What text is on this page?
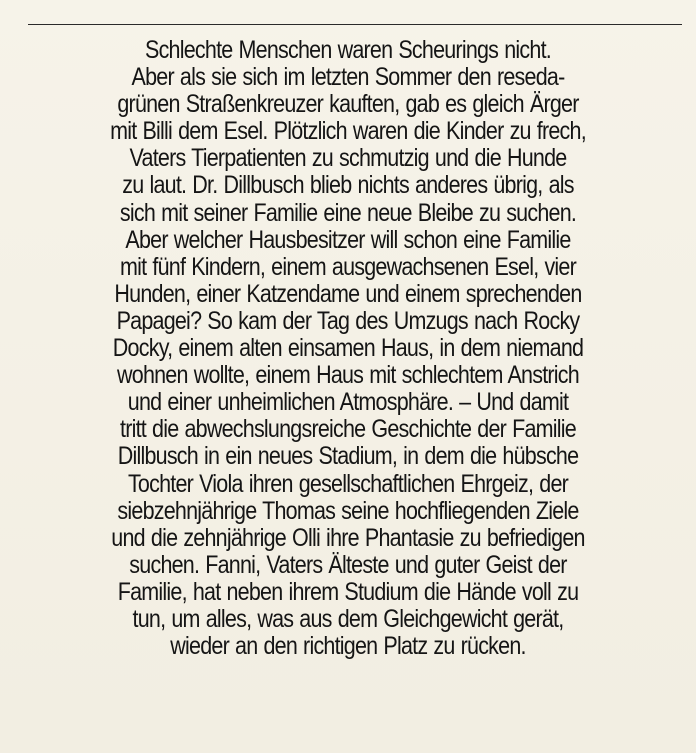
Schlechte Menschen waren Scheurings nicht.
Aber als sie sich im letzten Sommer den reseda-
grünen Straßenkreuzer kauften, gab es gleich Ärger
mit Billi dem Esel. Plötzlich waren die Kinder zu frech,
Vaters Tierpatienten zu schmutzig und die Hunde
zu laut. Dr. Dillbusch blieb nichts anderes übrig, als
sich mit seiner Familie eine neue Bleibe zu suchen.
Aber welcher Hausbesitzer will schon eine Familie
mit fünf Kindern, einem ausgewachsenen Esel, vier
Hunden, einer Katzendame und einem sprechenden
Papagei? So kam der Tag des Umzugs nach Rocky
Docky, einem alten einsamen Haus, in dem niemand
wohnen wollte, einem Haus mit schlechtem Anstrich
und einer unheimlichen Atmosphäre. – Und damit
tritt die abwechslungsreiche Geschichte der Familie
Dillbusch in ein neues Stadium, in dem die hübsche
Tochter Viola ihren gesellschaftlichen Ehrgeiz, der
siebzehnjährige Thomas seine hochfliegenden Ziele
und die zehnjährige Olli ihre Phantasie zu befriedigen
suchen. Fanni, Vaters Älteste und guter Geist der
Familie, hat neben ihrem Studium die Hände voll zu
tun, um alles, was aus dem Gleichgewicht gerät,
wieder an den richtigen Platz zu rücken.
